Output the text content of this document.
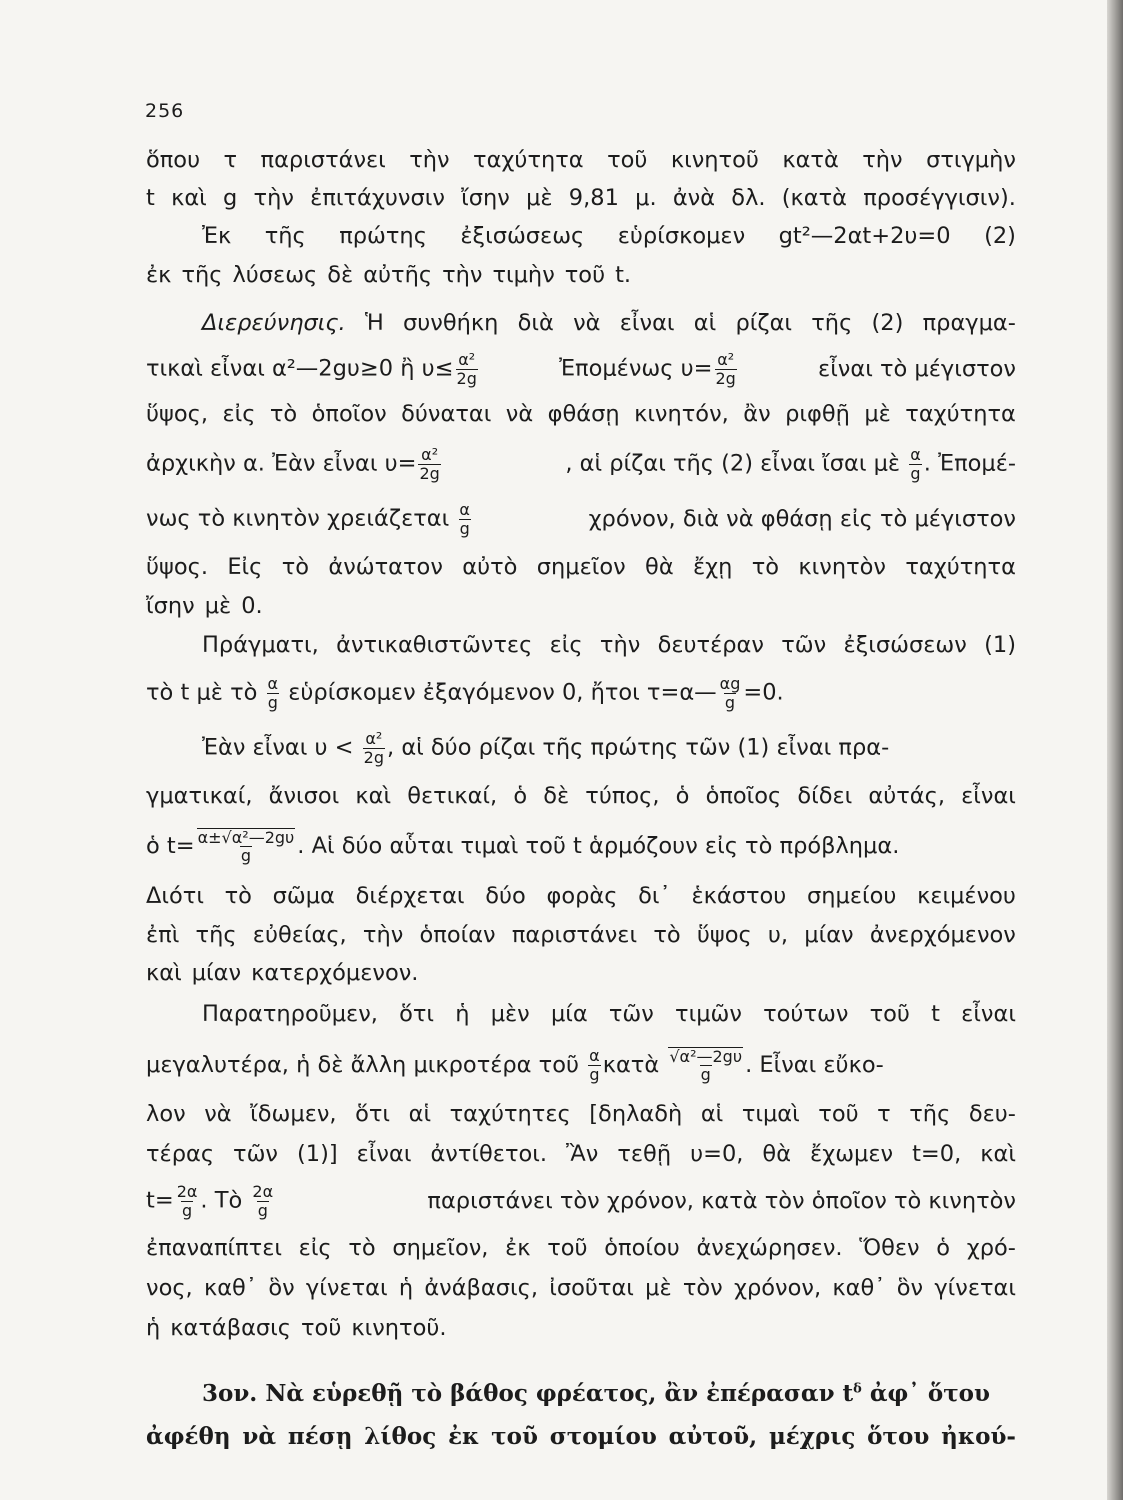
256
ὅπου τ παριστάνει τὴν ταχύτητα τοῦ κινητοῦ κατὰ τὴν στιγμὴν
t καὶ g τὴν ἐπιτάχυνσιν ἴσην μὲ 9,81 μ. ἀνὰ δλ. (κατὰ προσέγγισιν).
Ἐκ τῆς πρώτης ἐξισώσεως εὑρίσκομεν gt²—2αt+2υ=0 (2)
ἐκ τῆς λύσεως δὲ αὐτῆς τὴν τιμὴν τοῦ t.
Διερεύνησις. Ἡ συνθήκη διὰ νὰ εἶναι αἱ ρίζαι τῆς (2) πραγμα-
τικαὶ εἶναι α²—2gυ≥0 ἢ $\upsilon\le \frac{\text{α²}}{2g}$	Ἐπομένως $\upsilon= \frac{\text{α²}}{2g}$	εἶναι τὸ μέγιστον
ὕψος, εἰς τὸ ὁποῖον δύναται νὰ φθάσῃ κινητόν, ἂν ριφθῇ μὲ ταχύτητα
ἀρχικὴν α. Ἐὰν εἶναι $\upsilon= \frac{\text{α²}}{2g}$	, αἱ ρίζαι τῆς (2) εἶναι ἴσαι μὲ $\frac{\alpha}{g}$ . Ἐπομέ-
νως τὸ κινητὸν χρειάζεται $\frac{\alpha}{g}$	χρόνον, διὰ νὰ φθάσῃ εἰς τὸ μέγιστον
ὕψος. Εἰς τὸ ἀνώτατον αὐτὸ σημεῖον θὰ ἔχῃ τὸ κινητὸν ταχύτητα
ἴσην μὲ 0.
Πράγματι, ἀντικαθιστῶντες εἰς τὴν δευτέραν τῶν ἐξισώσεων (1)
τὸ t μὲ τὸ $\frac{\alpha}{g}$ εὑρίσκομεν ἐξαγόμενον 0, ἤτοι τ=α— $\frac{\alpha g}{g} =0$.
Ἐὰν εἶναι $\upsilon < \frac{\text{α²}}{2g}$ , αἱ δύο ρίζαι τῆς πρώτης τῶν (1) εἶναι πρα-
γματικαί, ἄνισοι καὶ θετικαί, ὁ δὲ τύπος, ὁ ὁποῖος δίδει αὐτάς, εἶναι
ὁ $t= \frac{\text{α±√α²—2gυ}}{g}$ . Αἱ δύο αὗται τιμαὶ τοῦ t ἁρμόζουν εἰς τὸ πρόβλημα.
Διότι τὸ σῶμα διέρχεται δύο φορὰς δι᾿ ἑκάστου σημείου κειμένου
ἐπὶ τῆς εὐθείας, τὴν ὁποίαν παριστάνει τὸ ὕψος υ, μίαν ἀνερχόμενον
καὶ μίαν κατερχόμενον.
Παρατηροῦμεν, ὅτι ἡ μὲν μία τῶν τιμῶν τούτων τοῦ t εἶναι
μεγαλυτέρα, ἡ δὲ ἄλλη μικροτέρα τοῦ $\frac{\alpha}{g}$ κατὰ $\frac{\text{√α²—2gυ}}{g}$ . Εἶναι εὔκο-
λον νὰ ἴδωμεν, ὅτι αἱ ταχύτητες [δηλαδὴ αἱ τιμαὶ τοῦ τ τῆς δευ-
τέρας τῶν (1)] εἶναι ἀντίθετοι. Ἂν τεθῇ υ=0, θὰ ἔχωμεν t=0, καὶ
$t= \frac{2\alpha}{g}$ . Τὸ $\frac{2\alpha}{g}$	παριστάνει τὸν χρόνον, κατὰ τὸν ὁποῖον τὸ κινητὸν
ἐπαναπίπτει εἰς τὸ σημεῖον, ἐκ τοῦ ὁποίου ἀνεχώρησεν. Ὅθεν ὁ χρό-
νος, καθ᾿ ὃν γίνεται ἡ ἀνάβασις, ἰσοῦται μὲ τὸν χρόνον, καθ᾿ ὃν γίνεται
ἡ κατάβασις τοῦ κινητοῦ.
3ον. Νὰ εὑρεθῇ τὸ βάθος φρέατος, ἂν ἐπέρασαν $t^\delta$ ἀφ᾿ ὅτου
ἀφέθη νὰ πέσῃ λίθος ἐκ τοῦ στομίου αὐτοῦ, μέχρις ὅτου ἠκού-
